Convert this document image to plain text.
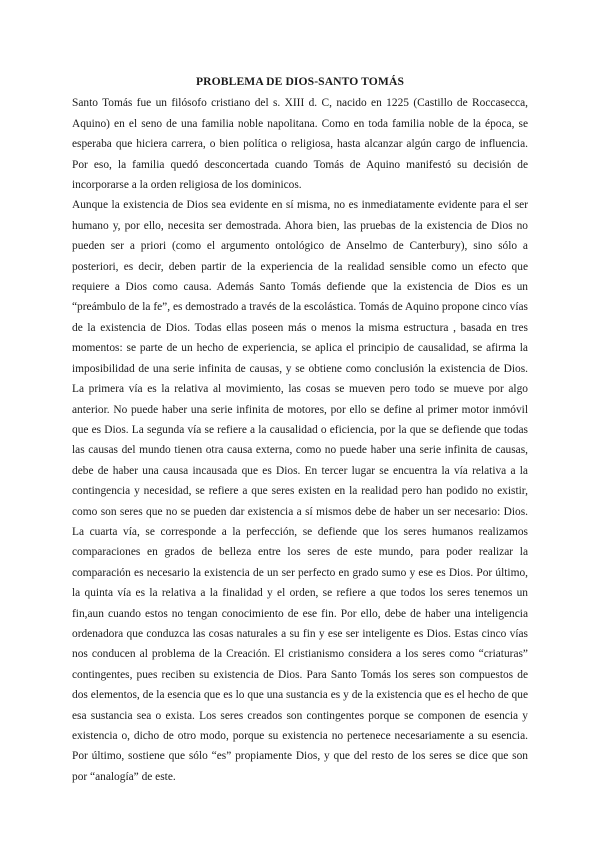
PROBLEMA DE DIOS-SANTO TOMÁS

Santo Tomás fue un filósofo cristiano del s. XIII d. C, nacido en 1225 (Castillo de Roccasecca, Aquino) en el seno de una familia noble napolitana. Como en toda familia noble de la época, se esperaba que hiciera carrera, o bien política o religiosa, hasta alcanzar algún cargo de influencia. Por eso, la familia quedó desconcertada cuando Tomás de Aquino manifestó su decisión de incorporarse a la orden religiosa de los dominicos.

Aunque la existencia de Dios sea evidente en sí misma, no es inmediatamente evidente para el ser humano y, por ello, necesita ser demostrada. Ahora bien, las pruebas de la existencia de Dios no pueden ser a priori (como el argumento ontológico de Anselmo de Canterbury), sino sólo a posteriori, es decir, deben partir de la experiencia de la realidad sensible como un efecto que requiere a Dios como causa. Además Santo Tomás defiende que la existencia de Dios es un “preámbulo de la fe”, es demostrado a través de la escolástica. Tomás de Aquino propone cinco vías de la existencia de Dios. Todas ellas poseen más o menos la misma estructura , basada en tres momentos: se parte de un hecho de experiencia, se aplica el principio de causalidad, se afirma la imposibilidad de una serie infinita de causas, y se obtiene como conclusión la existencia de Dios. La primera vía es la relativa al movimiento, las cosas se mueven pero todo se mueve por algo anterior. No puede haber una serie infinita de motores, por ello se define al primer motor inmóvil que es Dios. La segunda vía se refiere a la causalidad o eficiencia, por la que se defiende que todas las causas del mundo tienen otra causa externa, como no puede haber una serie infinita de causas, debe de haber una causa incausada que es Dios. En tercer lugar se encuentra la vía relativa a la contingencia y necesidad, se refiere a que seres existen en la realidad pero han podido no existir, como son seres que no se pueden dar existencia a sí mismos debe de haber un ser necesario: Dios. La cuarta vía, se corresponde a la perfección, se defiende que los seres humanos realizamos comparaciones en grados de belleza entre los seres de este mundo, para poder realizar la comparación es necesario la existencia de un ser perfecto en grado sumo y ese es Dios. Por último, la quinta vía es la relativa a la finalidad y el orden, se refiere a que todos los seres tenemos un fin,aun cuando estos no tengan conocimiento de ese fin. Por ello, debe de haber una inteligencia ordenadora que conduzca las cosas naturales a su fin y ese ser inteligente es Dios. Estas cinco vías nos conducen al problema de la Creación. El cristianismo considera a los seres como “criaturas” contingentes, pues reciben su existencia de Dios. Para Santo Tomás los seres son compuestos de dos elementos, de la esencia que es lo que una sustancia es y de la existencia que es el hecho de que esa sustancia sea o exista. Los seres creados son contingentes porque se componen de esencia y existencia o, dicho de otro modo, porque su existencia no pertenece necesariamente a su esencia. Por último, sostiene que sólo “es” propiamente Dios, y que del resto de los seres se dice que son por “analogía” de este.
